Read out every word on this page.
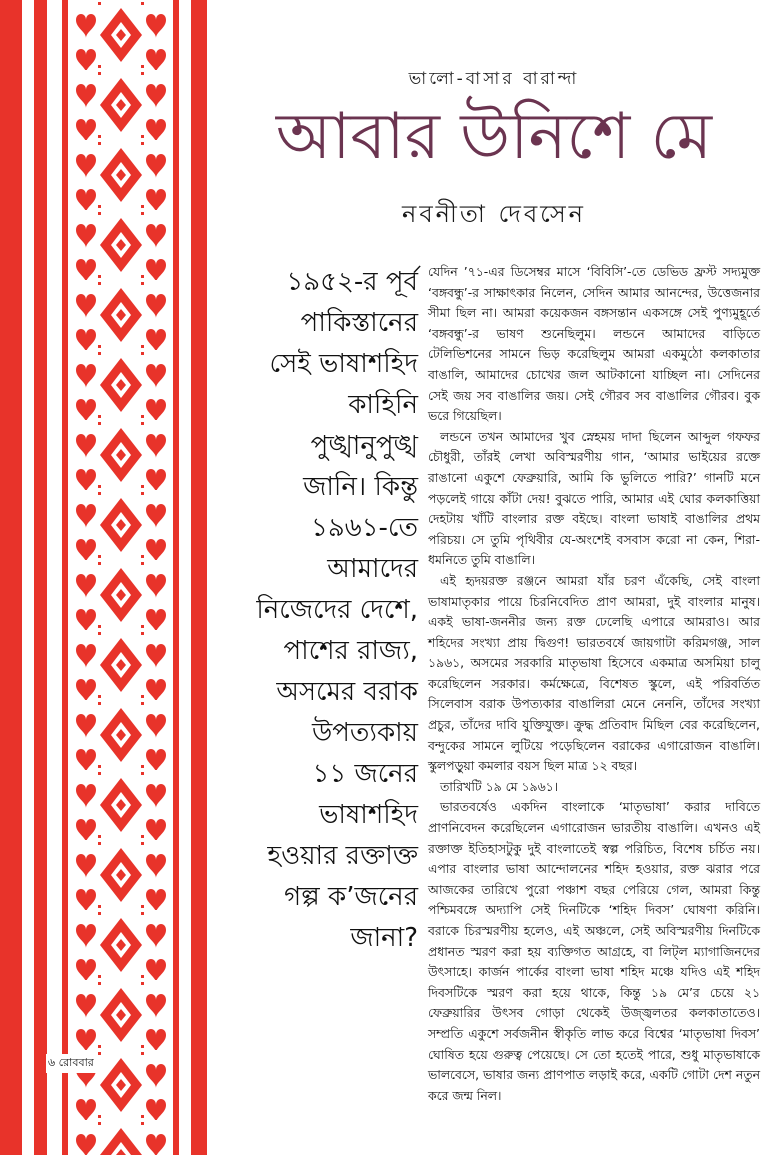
ভালো-বাসার বারান্দা
আবার উনিশে মে
নবনীতা দেবসেন
১৯৫২-র পূর্ব
পাকিস্তানের
সেই ভাষাশহিদ
কাহিনি
পুঙ্খানুপুঙ্খ
জানি। কিন্তু
১৯৬১-তে
আমাদের
নিজেদের দেশে,
পাশের রাজ্য,
অসমের বরাক
উপত্যকায়
১১ জনের
ভাষাশহিদ
হওয়ার রক্তাক্ত
গল্প ক’জনের
জানা?

যেদিন ’৭১-এর ডিসেম্বর মাসে ‘বিবিসি’-তে ডেভিড ফ্রস্ট সদ্যমুক্ত ‘বঙ্গবন্ধু’-র সাক্ষাৎকার নিলেন, সেদিন আমার আনন্দের, উত্তেজনার সীমা ছিল না। আমরা কয়েকজন বঙ্গসন্তান একসঙ্গে সেই পুণ্যমুহূর্তে ‘বঙ্গবন্ধু’-র ভাষণ শুনেছিলুম। লন্ডনে আমাদের বাড়িতে টেলিভিশনের সামনে ভিড় করেছিলুম আমরা একমুঠো কলকাতার বাঙালি, আমাদের চোখের জল আটকানো যাচ্ছিল না। সেদিনের সেই জয় সব বাঙালির জয়। সেই গৌরব সব বাঙালির গৌরব। বুক ভরে গিয়েছিল।

লন্ডনে তখন আমাদের খুব স্নেহময় দাদা ছিলেন আব্দুল গফফর চৌধুরী, তাঁরই লেখা অবিস্মরণীয় গান, ‘আমার ভাইয়ের রক্তে রাঙানো একুশে ফেব্রুয়ারি, আমি কি ভুলিতে পারি?’ গানটি মনে পড়লেই গায়ে কাঁটা দেয়! বুঝতে পারি, আমার এই ঘোর কলকাত্তিয়া দেহটায় খাঁটি বাংলার রক্ত বইছে। বাংলা ভাষাই বাঙালির প্রথম পরিচয়। সে তুমি পৃথিবীর যে-অংশেই বসবাস করো না কেন, শিরা-ধমনিতে তুমি বাঙালি।

এই হৃদয়রক্ত রঞ্জনে আমরা যাঁর চরণ এঁকেছি, সেই বাংলা ভাষামাতৃকার পায়ে চিরনিবেদিত প্রাণ আমরা, দুই বাংলার মানুষ। একই ভাষা-জননীর জন্য রক্ত ঢেলেছি এপারে আমরাও। আর শহিদের সংখ্যা প্রায় দ্বিগুণ! ভারতবর্ষে জায়গাটা করিমগঞ্জ, সাল ১৯৬১, অসমের সরকারি মাতৃভাষা হিসেবে একমাত্র অসমিয়া চালু করেছিলেন সরকার। কর্মক্ষেত্রে, বিশেষত স্কুলে, এই পরিবর্তিত সিলেবাস বরাক উপত্যকার বাঙালিরা মেনে নেননি, তাঁদের সংখ্যা প্রচুর, তাঁদের দাবি যুক্তিযুক্ত। ক্রুদ্ধ প্রতিবাদ মিছিল বের করেছিলেন, বন্দুকের সামনে লুটিয়ে পড়েছিলেন বরাকের এগারোজন বাঙালি। স্কুলপড়ুয়া কমলার বয়স ছিল মাত্র ১২ বছর।

তারিখটি ১৯ মে ১৯৬১।

ভারতবর্ষেও একদিন বাংলাকে ‘মাতৃভাষা’ করার দাবিতে প্রাণনিবেদন করেছিলেন এগারোজন ভারতীয় বাঙালি। এখনও এই রক্তাক্ত ইতিহাসটুকু দুই বাংলাতেই স্বল্প পরিচিত, বিশেষ চর্চিত নয়। এপার বাংলার ভাষা আন্দোলনের শহিদ হওয়ার, রক্ত ঝরার পরে আজকের তারিখে পুরো পঞ্চাশ বছর পেরিয়ে গেল, আমরা কিন্তু পশ্চিমবঙ্গে অদ্যাপি সেই দিনটিকে ‘শহিদ দিবস’ ঘোষণা করিনি। বরাকে চিরস্মরণীয় হলেও, এই অঞ্চলে, সেই অবিস্মরণীয় দিনটিকে প্রধানত স্মরণ করা হয় ব্যক্তিগত আগ্রহে, বা লিট্‌ল ম্যাগাজিনদের উৎসাহে। কার্জন পার্কের বাংলা ভাষা শহিদ মঞ্চে যদিও এই শহিদ দিবসটিকে স্মরণ করা হয়ে থাকে, কিন্তু ১৯ মে’র চেয়ে ২১ ফেব্রুয়ারির উৎসব গোড়া থেকেই উজ্জ্বলতর কলকাতাতেও। সম্প্রতি একুশে সর্বজনীন স্বীকৃতি লাভ করে বিশ্বের ‘মাতৃভাষা দিবস’ ঘোষিত হয়ে গুরুত্ব পেয়েছে। সে তো হতেই পারে, শুধু মাতৃভাষাকে ভালবেসে, ভাষার জন্য প্রাণপাত লড়াই করে, একটি গোটা দেশ নতুন করে জন্ম নিল।

৬ রোববার
